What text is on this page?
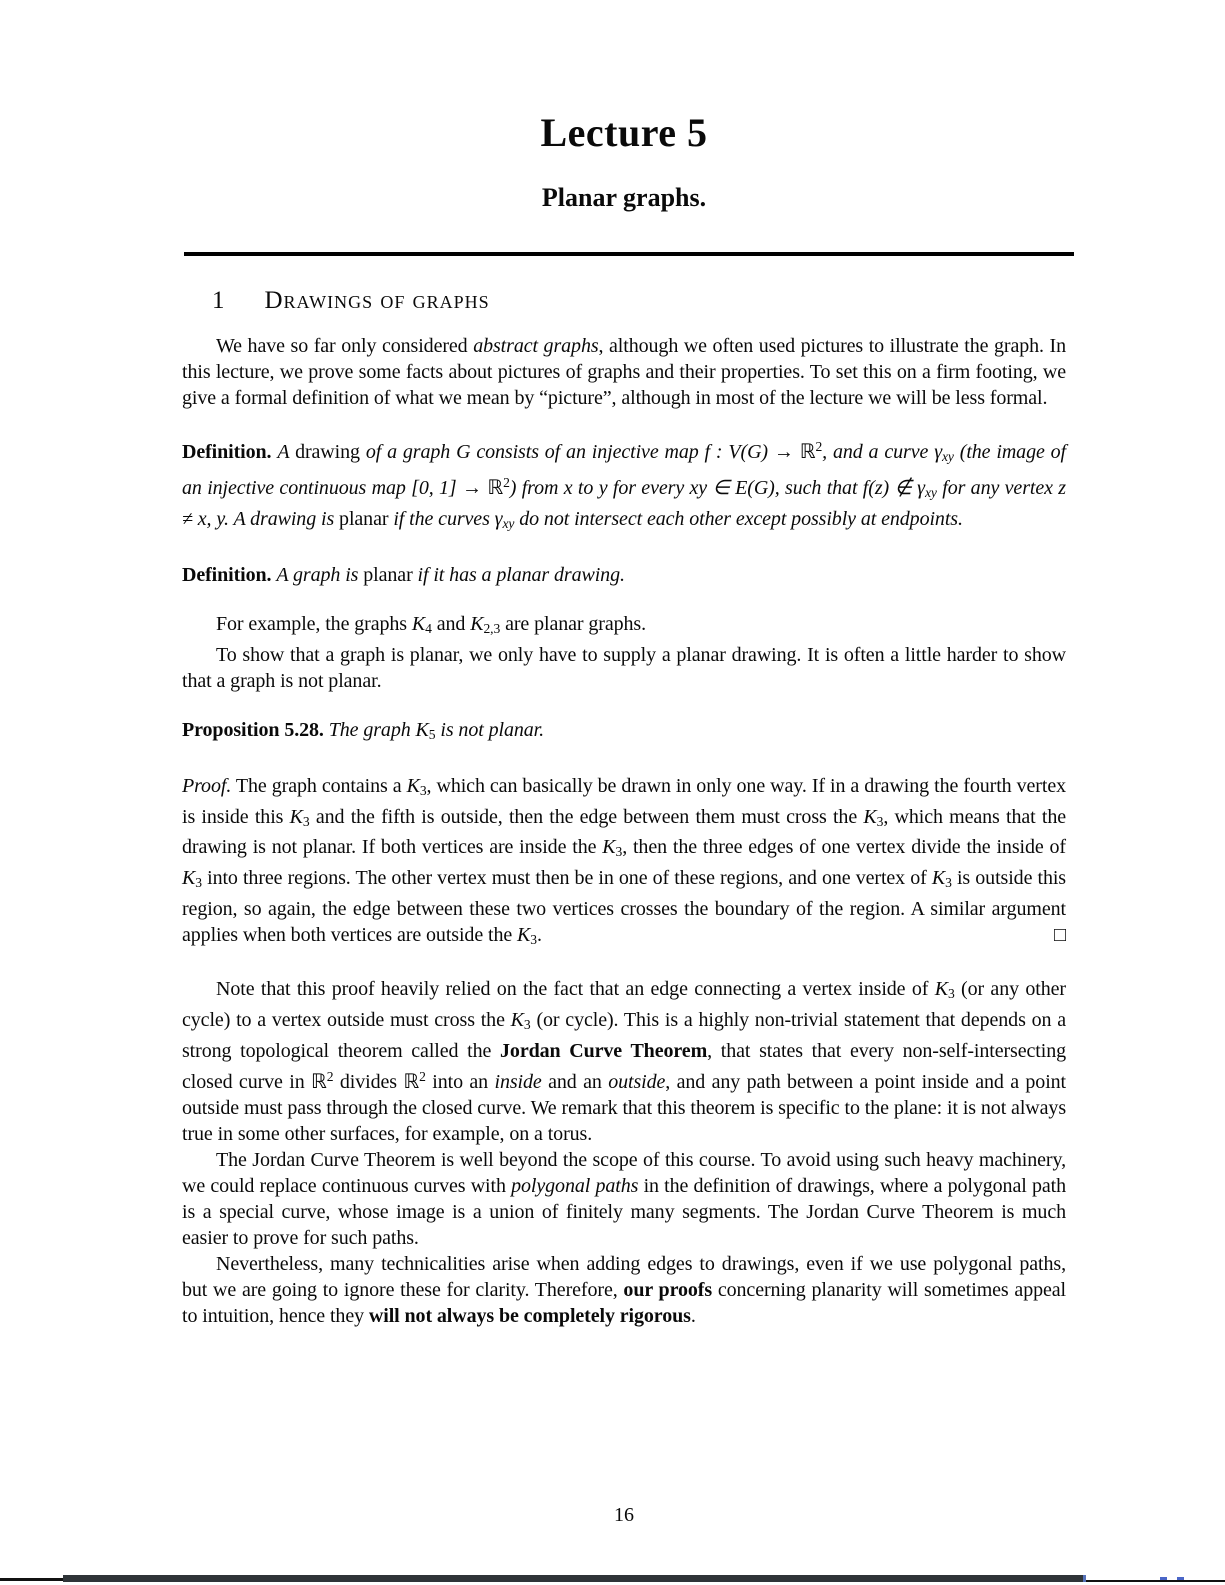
Lecture 5
Planar graphs.
1 Drawings of graphs

We have so far only considered abstract graphs, although we often used pictures to illustrate the graph. In this lecture, we prove some facts about pictures of graphs and their properties. To set this on a firm footing, we give a formal definition of what we mean by “picture”, although in most of the lecture we will be less formal.

Definition. A drawing of a graph G consists of an injective map f : V(G) → ℝ$^2$, and a curve $\gamma_{xy}$ (the image of an injective continuous map [0, 1] → ℝ$^2$) from x to y for every xy ∈ E(G), such that f(z) ∉ $\gamma_{xy}$ for any vertex z ≠ x, y. A drawing is planar if the curves $\gamma_{xy}$ do not intersect each other except possibly at endpoints.

Definition. A graph is planar if it has a planar drawing.

For example, the graphs $K_4$ and $K_{2,3}$ are planar graphs.

To show that a graph is planar, we only have to supply a planar drawing. It is often a little harder to show that a graph is not planar.

Proposition 5.28. The graph $K_5$ is not planar.

Proof. The graph contains a $K_3$, which can basically be drawn in only one way. If in a drawing the fourth vertex is inside this $K_3$ and the fifth is outside, then the edge between them must cross the $K_3$, which means that the drawing is not planar. If both vertices are inside the $K_3$, then the three edges of one vertex divide the inside of $K_3$ into three regions. The other vertex must then be in one of these regions, and one vertex of $K_3$ is outside this region, so again, the edge between these two vertices crosses the boundary of the region. A similar argument applies when both vertices are outside the $K_3$.	□

Note that this proof heavily relied on the fact that an edge connecting a vertex inside of $K_3$ (or any other cycle) to a vertex outside must cross the $K_3$ (or cycle). This is a highly non-trivial statement that depends on a strong topological theorem called the Jordan Curve Theorem, that states that every non-self-intersecting closed curve in ℝ$^2$ divides ℝ$^2$ into an inside and an outside, and any path between a point inside and a point outside must pass through the closed curve. We remark that this theorem is specific to the plane: it is not always true in some other surfaces, for example, on a torus.

The Jordan Curve Theorem is well beyond the scope of this course. To avoid using such heavy machinery, we could replace continuous curves with polygonal paths in the definition of drawings, where a polygonal path is a special curve, whose image is a union of finitely many segments. The Jordan Curve Theorem is much easier to prove for such paths.

Nevertheless, many technicalities arise when adding edges to drawings, even if we use polygonal paths, but we are going to ignore these for clarity. Therefore, our proofs concerning planarity will sometimes appeal to intuition, hence they will not always be completely rigorous.

16
